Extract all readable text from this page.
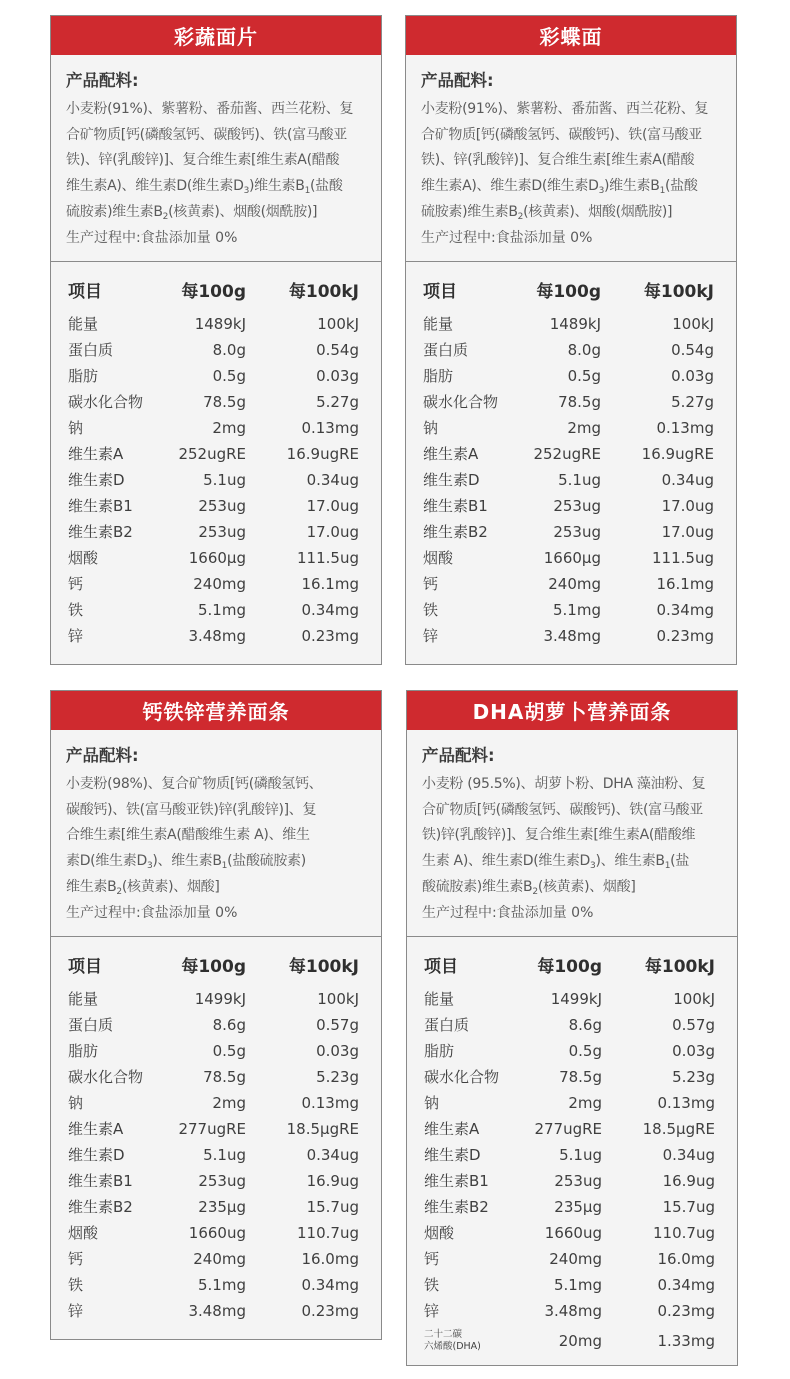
彩蔬面片
产品配料:
小麦粉(91%)、紫薯粉、番茄酱、西兰花粉、复
合矿物质[钙(磷酸氢钙、碳酸钙)、铁(富马酸亚
铁)、锌(乳酸锌)]、复合维生素[维生素A(醋酸
维生素A)、维生素D(维生素$D_3$)维生素$B_1$(盐酸
硫胺素)维生素$B_2$(核黄素)、烟酸(烟酰胺)]
生产过程中:食盐添加量 0%
项目	每100g	每100kJ
能量	1489kJ	100kJ
蛋白质	8.0g	0.54g
脂肪	0.5g	0.03g
碳水化合物	78.5g	5.27g
钠	2mg	0.13mg
维生素A	252ugRE	16.9ugRE
维生素D	5.1ug	0.34ug
维生素B1	253ug	17.0ug
维生素B2	253ug	17.0ug
烟酸	1660μg	111.5ug
钙	240mg	16.1mg
铁	5.1mg	0.34mg
锌	3.48mg	0.23mg
彩蝶面
产品配料:
小麦粉(91%)、紫薯粉、番茄酱、西兰花粉、复
合矿物质[钙(磷酸氢钙、碳酸钙)、铁(富马酸亚
铁)、锌(乳酸锌)]、复合维生素[维生素A(醋酸
维生素A)、维生素D(维生素$D_3$)维生素$B_1$(盐酸
硫胺素)维生素$B_2$(核黄素)、烟酸(烟酰胺)]
生产过程中:食盐添加量 0%
项目	每100g	每100kJ
能量	1489kJ	100kJ
蛋白质	8.0g	0.54g
脂肪	0.5g	0.03g
碳水化合物	78.5g	5.27g
钠	2mg	0.13mg
维生素A	252ugRE	16.9ugRE
维生素D	5.1ug	0.34ug
维生素B1	253ug	17.0ug
维生素B2	253ug	17.0ug
烟酸	1660μg	111.5ug
钙	240mg	16.1mg
铁	5.1mg	0.34mg
锌	3.48mg	0.23mg
钙铁锌营养面条
产品配料:
小麦粉(98%)、复合矿物质[钙(磷酸氢钙、
碳酸钙)、铁(富马酸亚铁)锌(乳酸锌)]、复
合维生素[维生素A(醋酸维生素 A)、维生
素D(维生素$D_3$)、维生素$B_1$(盐酸硫胺素)
维生素$B_2$(核黄素)、烟酸]
生产过程中:食盐添加量 0%
项目	每100g	每100kJ
能量	1499kJ	100kJ
蛋白质	8.6g	0.57g
脂肪	0.5g	0.03g
碳水化合物	78.5g	5.23g
钠	2mg	0.13mg
维生素A	277ugRE	18.5μgRE
维生素D	5.1ug	0.34ug
维生素B1	253ug	16.9ug
维生素B2	235μg	15.7ug
烟酸	1660ug	110.7ug
钙	240mg	16.0mg
铁	5.1mg	0.34mg
锌	3.48mg	0.23mg
DHA胡萝卜营养面条
产品配料:
小麦粉 (95.5%)、胡萝卜粉、DHA 藻油粉、复
合矿物质[钙(磷酸氢钙、碳酸钙)、铁(富马酸亚
铁)锌(乳酸锌)]、复合维生素[维生素A(醋酸维
生素 A)、维生素D(维生素$D_3$)、维生素$B_1$(盐
酸硫胺素)维生素$B_2$(核黄素)、烟酸]
生产过程中:食盐添加量 0%
项目	每100g	每100kJ
能量	1499kJ	100kJ
蛋白质	8.6g	0.57g
脂肪	0.5g	0.03g
碳水化合物	78.5g	5.23g
钠	2mg	0.13mg
维生素A	277ugRE	18.5μgRE
维生素D	5.1ug	0.34ug
维生素B1	253ug	16.9ug
维生素B2	235μg	15.7ug
烟酸	1660ug	110.7ug
钙	240mg	16.0mg
铁	5.1mg	0.34mg
锌	3.48mg	0.23mg
二十二碳
六烯酸(DHA)	20mg	1.33mg
